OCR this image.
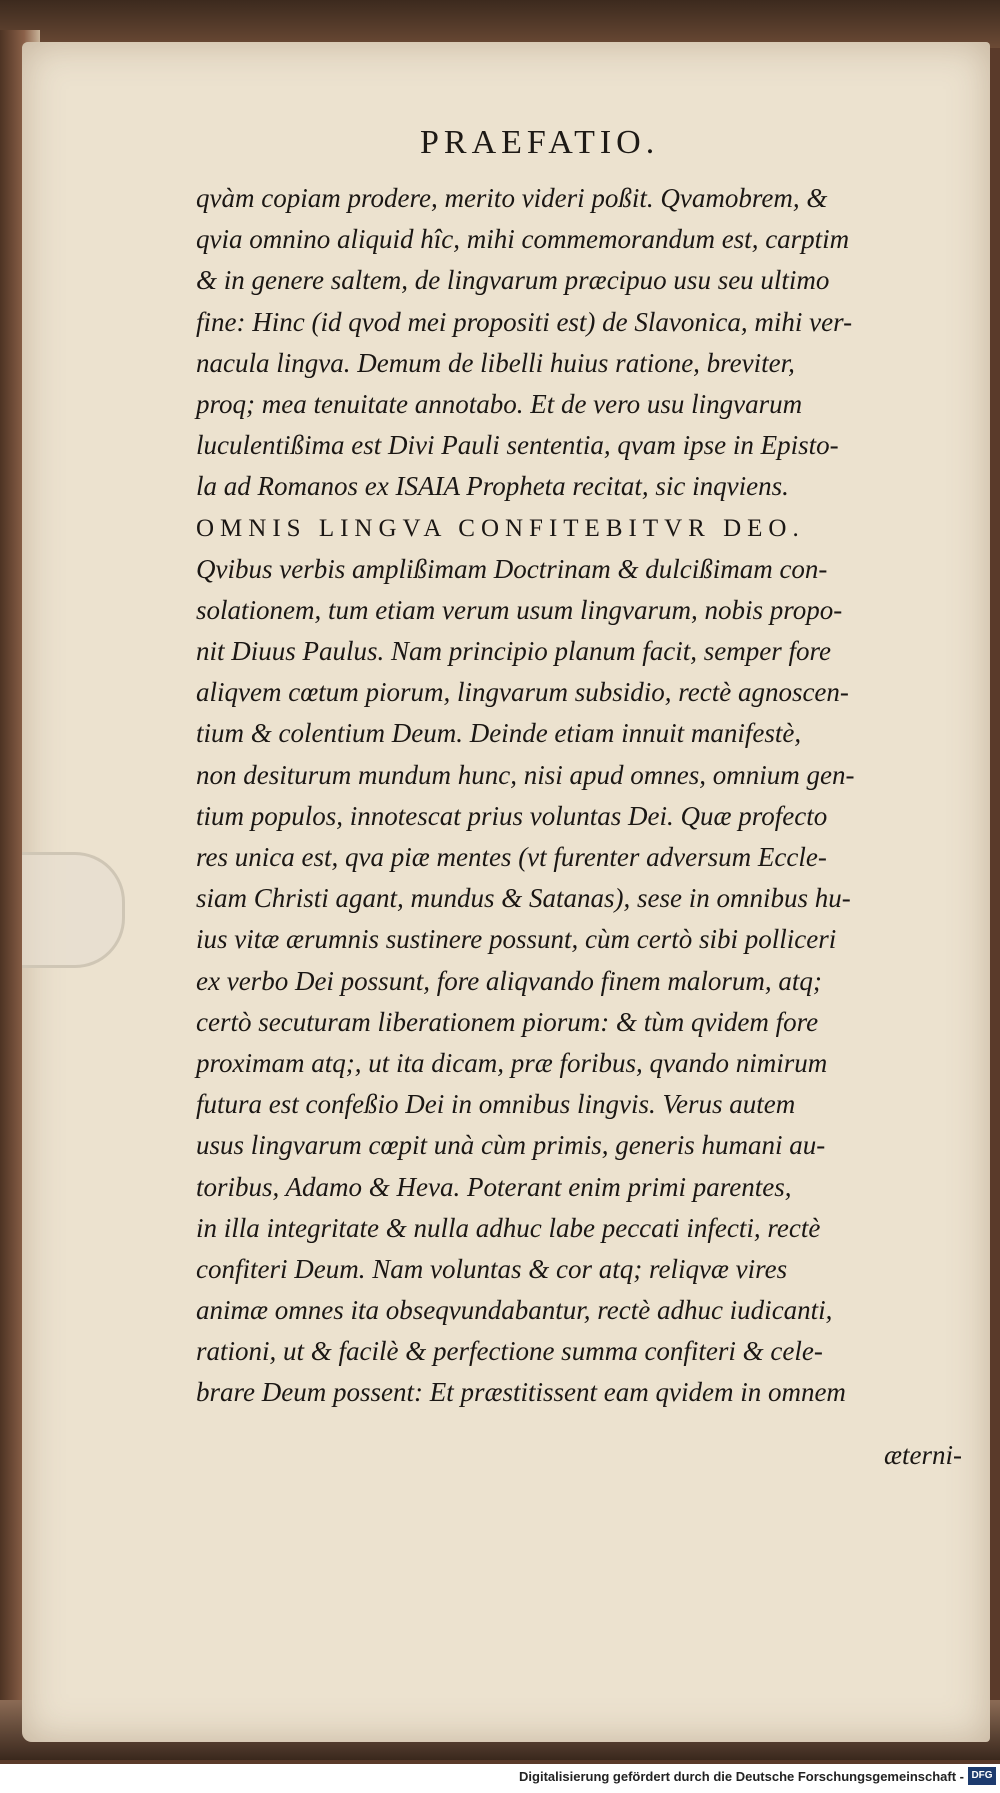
PRAEFATIO.
qvàm copiam prodere, merito videri poßit. Qvamobrem, &
qvia omnino aliquid hîc, mihi commemorandum est, carptim
& in genere saltem, de lingvarum præcipuo usu seu ultimo
fine: Hinc (id qvod mei propositi est) de Slavonica, mihi ver-
nacula lingva. Demum de libelli huius ratione, breviter,
proq; mea tenuitate annotabo. Et de vero usu lingvarum
luculentißima est Divi Pauli sententia, qvam ipse in Episto-
la ad Romanos ex ISAIA Propheta recitat, sic inqviens.
OMNIS LINGVA CONFITEBITVR DEO.
Qvibus verbis amplißimam Doctrinam & dulcißimam con-
solationem, tum etiam verum usum lingvarum, nobis propo-
nit Diuus Paulus. Nam principio planum facit, semper fore
aliqvem cœtum piorum, lingvarum subsidio, rectè agnoscen-
tium & colentium Deum. Deinde etiam innuit manifestè,
non desiturum mundum hunc, nisi apud omnes, omnium gen-
tium populos, innotescat prius voluntas Dei. Quæ profecto
res unica est, qva piæ mentes (vt furenter adversum Eccle-
siam Christi agant, mundus & Satanas), sese in omnibus hu-
ius vitæ ærumnis sustinere possunt, cùm certò sibi polliceri
ex verbo Dei possunt, fore aliqvando finem malorum, atq;
certò secuturam liberationem piorum: & tùm qvidem fore
proximam atq;, ut ita dicam, præ foribus, qvando nimirum
futura est confeßio Dei in omnibus lingvis. Verus autem
usus lingvarum cœpit unà cùm primis, generis humani au-
toribus, Adamo & Heva. Poterant enim primi parentes,
in illa integritate & nulla adhuc labe peccati infecti, rectè
confiteri Deum. Nam voluntas & cor atq; reliqvæ vires
animæ omnes ita obseqvundabantur, rectè adhuc iudicanti,
rationi, ut & facilè & perfectione summa confiteri & cele-
brare Deum possent: Et præstitissent eam qvidem in omnem
æterni-
Digitalisierung gefördert durch die Deutsche Forschungsgemeinschaft - DFG
